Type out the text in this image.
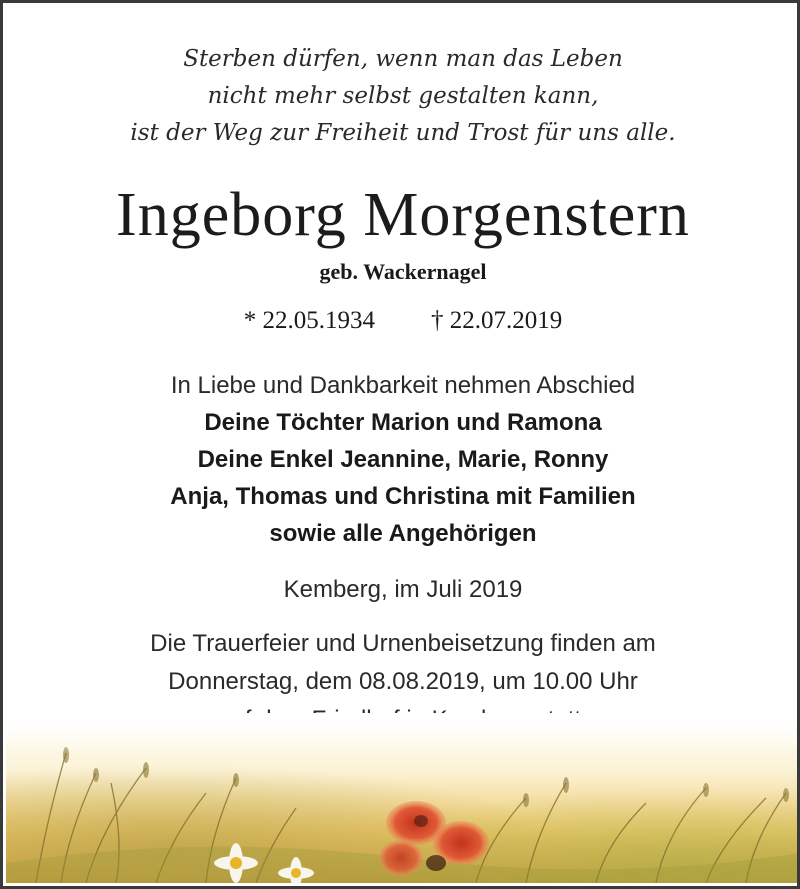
Sterben dürfen, wenn man das Leben
nicht mehr selbst gestalten kann,
ist der Weg zur Freiheit und Trost für uns alle.
Ingeborg Morgenstern
geb. Wackernagel
* 22.05.1934 † 22.07.2019
In Liebe und Dankbarkeit nehmen Abschied
Deine Töchter Marion und Ramona
Deine Enkel Jeannine, Marie, Ronny
Anja, Thomas und Christina mit Familien
sowie alle Angehörigen
Kemberg, im Juli 2019
Die Trauerfeier und Urnenbeisetzung finden am
Donnerstag, dem 08.08.2019, um 10.00 Uhr
